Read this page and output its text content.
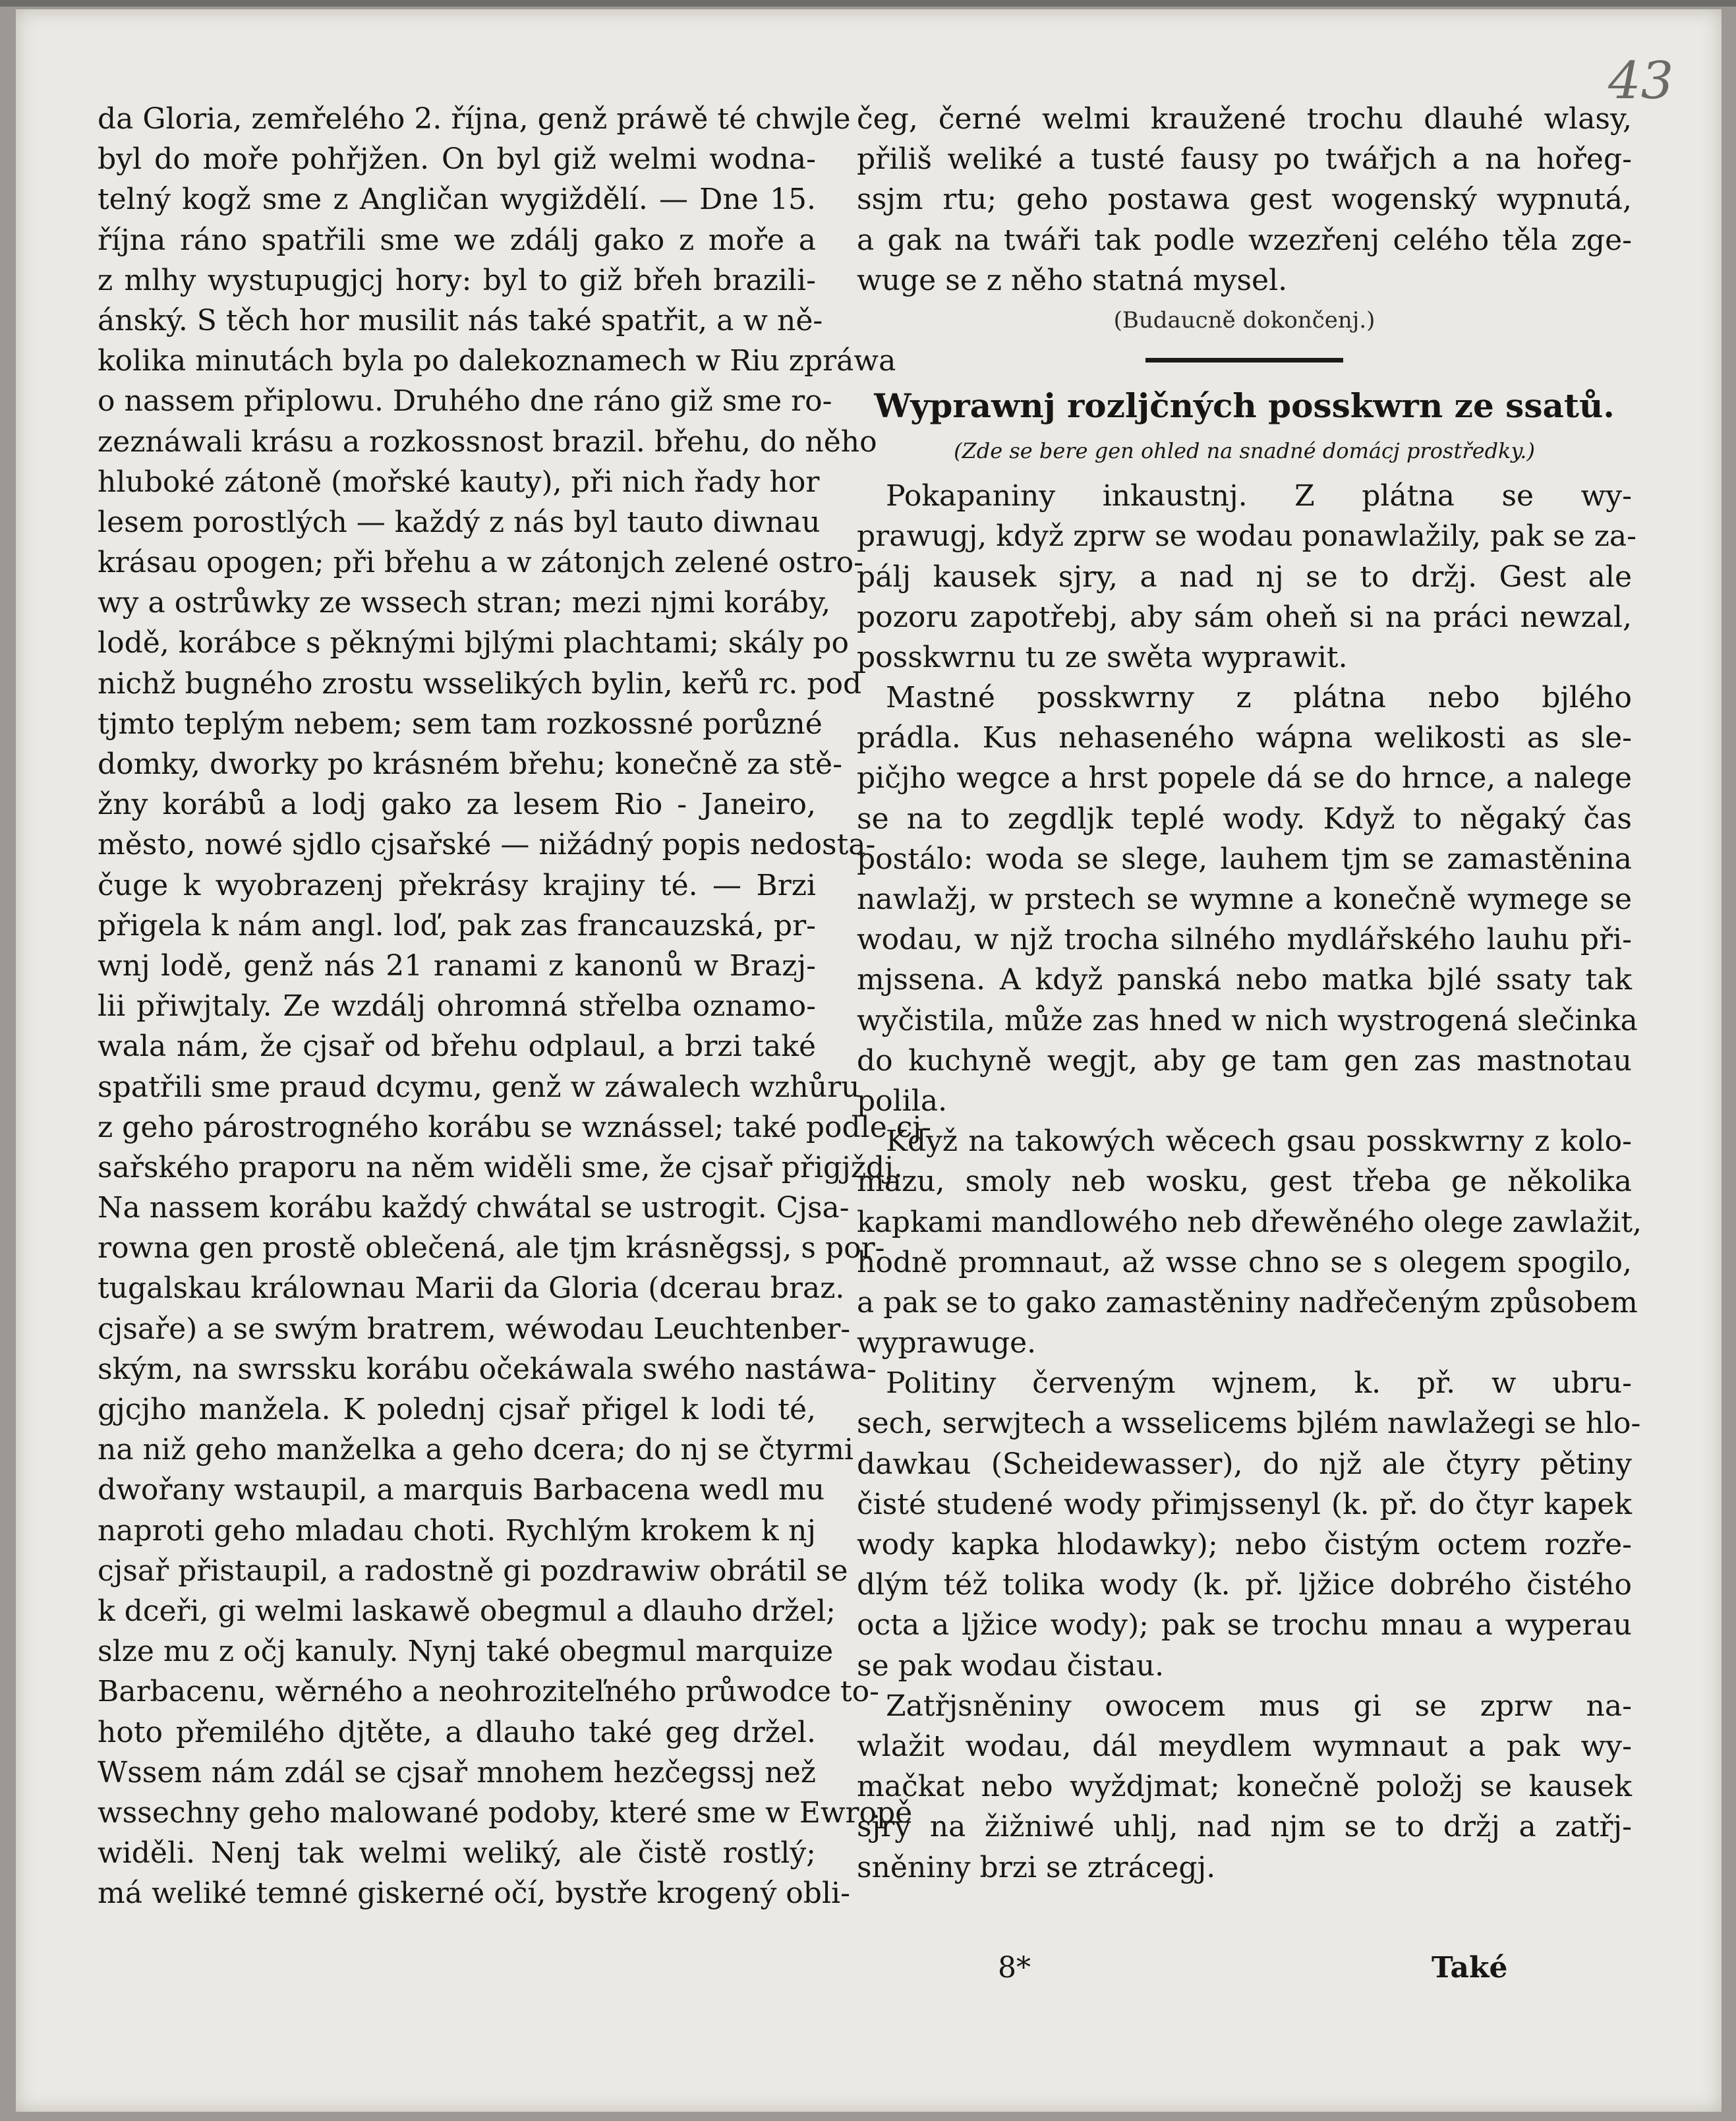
43
da Gloria, zemřelého 2. října, genž práwě té chwjle
byl do moře pohřjžen. On byl giž welmi wodna-
telný kogž sme z Angličan wygiždělí. — Dne 15.
října ráno spatřili sme we zdálj gako z moře a
z mlhy wystupugjcj hory: byl to giž břeh brazili-
ánský. S těch hor musilit nás také spatřit, a w ně-
kolika minutách byla po dalekoznamech w Riu zpráwa
o nassem připlowu. Druhého dne ráno giž sme ro-
zeznáwali krásu a rozkossnost brazil. břehu, do něho
hluboké zátoně (mořské kauty), při nich řady hor
lesem porostlých — každý z nás byl tauto diwnau
krásau opogen; při břehu a w zátonjch zelené ostro-
wy a ostrůwky ze wssech stran; mezi njmi koráby,
lodě, korábce s pěknými bjlými plachtami; skály po
nichž bugného zrostu wsselikých bylin, keřů rc. pod
tjmto teplým nebem; sem tam rozkossné porůzné
domky, dworky po krásném břehu; konečně za stě-
žny korábů a lodj gako za lesem Rio - Janeiro,
město, nowé sjdlo cjsařské — nižádný popis nedosta-
čuge k wyobrazenj překrásy krajiny té. — Brzi
přigela k nám angl. loď, pak zas francauzská, pr-
wnj lodě, genž nás 21 ranami z kanonů w Brazj-
lii přiwjtaly. Ze wzdálj ohromná střelba oznamo-
wala nám, že cjsař od břehu odplaul, a brzi také
spatřili sme praud dcymu, genž w záwalech wzhůru
z geho párostrogného korábu se wznássel; také podle cj-
sařského praporu na něm widěli sme, že cjsař přigjždj.
Na nassem korábu každý chwátal se ustrogit. Cjsa-
rowna gen prostě oblečená, ale tjm krásněgssj, s por-
tugalskau králownau Marii da Gloria (dcerau braz.
cjsaře) a se swým bratrem, wéwodau Leuchtenber-
ským, na swrssku korábu očekáwala swého nastáwa-
gjcjho manžela. K polednj cjsař přigel k lodi té,
na niž geho manželka a geho dcera; do nj se čtyrmi
dwořany wstaupil, a marquis Barbacena wedl mu
naproti geho mladau choti. Rychlým krokem k nj
cjsař přistaupil, a radostně gi pozdrawiw obrátil se
k dceři, gi welmi laskawě obegmul a dlauho držel;
slze mu z očj kanuly. Nynj také obegmul marquize
Barbacenu, wěrného a neohroziteľného průwodce to-
hoto přemilého djtěte, a dlauho také geg držel.
Wssem nám zdál se cjsař mnohem hezčegssj než
wssechny geho malowané podoby, které sme w Ewropě
widěli. Nenj tak welmi weliký, ale čistě rostlý;
má weliké temné giskerné očí, bystře krogený obli-
čeg, černé welmi kraužené trochu dlauhé wlasy,
přiliš weliké a tusté fausy po twářjch a na hořeg-
ssjm rtu; geho postawa gest wogenský wypnutá,
a gak na twáři tak podle wzezřenj celého těla zge-
wuge se z něho statná mysel.
(Budaucně dokončenj.)
Wyprawnj rozljčných posskwrn ze ssatů.
(Zde se bere gen ohled na snadné domácj prostředky.)
Pokapaniny inkaustnj. Z plátna se wy-
prawugj, když zprw se wodau ponawlažily, pak se za-
pálj kausek sjry, a nad nj se to držj. Gest ale
pozoru zapotřebj, aby sám oheň si na práci newzal,
posskwrnu tu ze swěta wyprawit.
Mastné posskwrny z plátna nebo bjlého
prádla. Kus nehaseného wápna welikosti as sle-
pičjho wegce a hrst popele dá se do hrnce, a nalege
se na to zegdljk teplé wody. Když to něgaký čas
postálo: woda se slege, lauhem tjm se zamastěnina
nawlažj, w prstech se wymne a konečně wymege se
wodau, w njž trocha silného mydlářského lauhu při-
mjssena. A když panská nebo matka bjlé ssaty tak
wyčistila, může zas hned w nich wystrogená slečinka
do kuchyně wegjt, aby ge tam gen zas mastnotau
polila.
Když na takowých wěcech gsau posskwrny z kolo-
mazu, smoly neb wosku, gest třeba ge několika
kapkami mandlowého neb dřewěného olege zawlažit,
hodně promnaut, až wsse chno se s olegem spogilo,
a pak se to gako zamastěniny nadřečeným způsobem
wyprawuge.
Politiny červeným wjnem, k. př. w ubru-
sech, serwjtech a wsselicems bjlém nawlažegi se hlo-
dawkau (Scheidewasser), do njž ale čtyry pětiny
čisté studené wody přimjssenyl (k. př. do čtyr kapek
wody kapka hlodawky); nebo čistým octem rozře-
dlým též tolika wody (k. př. ljžice dobrého čistého
octa a ljžice wody); pak se trochu mnau a wyperau
se pak wodau čistau.
Zatřjsněniny owocem mus gi se zprw na-
wlažit wodau, dál meydlem wymnaut a pak wy-
mačkat nebo wyždjmat; konečně položj se kausek
sjry na žižniwé uhlj, nad njm se to držj a zatřj-
sněniny brzi se ztrácegj.
8*	Také
